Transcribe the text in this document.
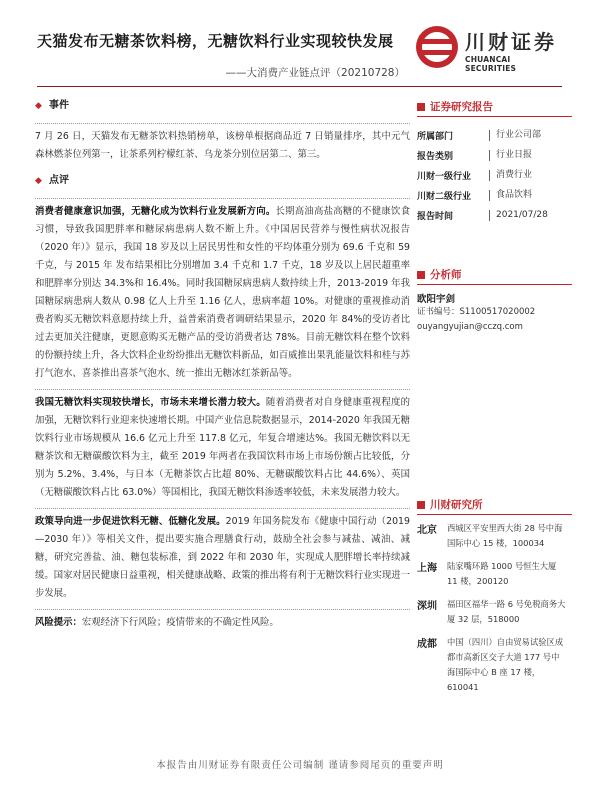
天猫发布无糖茶饮料榜，无糖饮料行业实现较快发展
——大消费产业链点评（20210728）
川财证券
CHUANCAI SECURITIES
◆ 事件

7 月 26 日，天猫发布无糖茶饮料热销榜单，该榜单根据商品近 7 日销量排序，其中元气森林燃茶位列第一，让茶系列柠檬红茶、乌龙茶分别位居第二、第三。

◆ 点评

消费者健康意识加强，无糖化成为饮料行业发展新方向。长期高油高盐高糖的不健康饮食习惯，导致我国肥胖率和糖尿病患病人数不断上升。《中国居民营养与慢性病状况报告（2020 年）》显示，我国 18 岁及以上居民男性和女性的平均体重分别为 69.6 千克和 59 千克，与 2015 年 发布结果相比分别增加 3.4 千克和 1.7 千克，18 岁及以上居民超重率和肥胖率分别达 34.3%和 16.4%。同时我国糖尿病患病人数持续上升，2013-2019 年我国糖尿病患病人数从 0.98 亿人上升至 1.16 亿人，患病率超 10%。对健康的重视推动消费者购买无糖饮料意愿持续上升，益普索消费者调研结果显示，2020 年 84%的受访者比过去更加关注健康，更愿意购买无糖产品的受访消费者达 78%。目前无糖饮料在整个饮料的份额持续上升，各大饮料企业纷纷推出无糖饮料新品，如百威推出果乳能量饮料和桂与苏打气泡水、喜茶推出喜茶气泡水、统一推出无糖冰红茶新品等。

我国无糖饮料实现较快增长，市场未来增长潜力较大。随着消费者对自身健康重视程度的加强，无糖饮料行业迎来快速增长期。中国产业信息院数据显示，2014-2020 年我国无糖饮料行业市场规模从 16.6 亿元上升至 117.8 亿元，年复合增速达%。我国无糖饮料以无糖茶饮和无糖碳酸饮料为主，截至 2019 年两者在我国饮料市场上市场份额占比较低，分别为 5.2%、3.4%，与日本（无糖茶饮占比超 80%、无糖碳酸饮料占比 44.6%）、英国（无糖碳酸饮料占比 63.0%）等国相比，我国无糖饮料渗透率较低，未来发展潜力较大。

政策导向进一步促进饮料无糖、低糖化发展。2019 年国务院发布《健康中国行动（2019—2030 年）》等相关文件，提出要实施合理膳食行动，鼓励全社会参与减盐、减油、减糖，研究完善盐、油、糖包装标准，到 2022 年和 2030 年，实现成人肥胖增长率持续减缓。国家对居民健康日益重视，相关健康战略、政策的推出将有利于无糖饮料行业实现进一步发展。

风险提示：宏观经济下行风险；疫情带来的不确定性风险。

证券研究报告
所属部门	行业公司部
报告类别	行业日报
川财一级行业	消费行业
川财二级行业	食品饮料
报告时间	2021/07/28
分析师
欧阳宇剑
证书编号：S1100517020002
ouyangyujian@cczq.com
川财研究所
北京	西城区平安里西大街 28 号中海国际中心 15 楼，100034
上海	陆家嘴环路 1000 号恒生大厦 11 楼，200120
深圳	福田区福华一路 6 号免税商务大厦 32 层，518000
成都	中国（四川）自由贸易试验区成都市高新区交子大道 177 号中海国际中心 B 座 17 楼，610041
本报告由川财证券有限责任公司编制 谨请参阅尾页的重要声明
